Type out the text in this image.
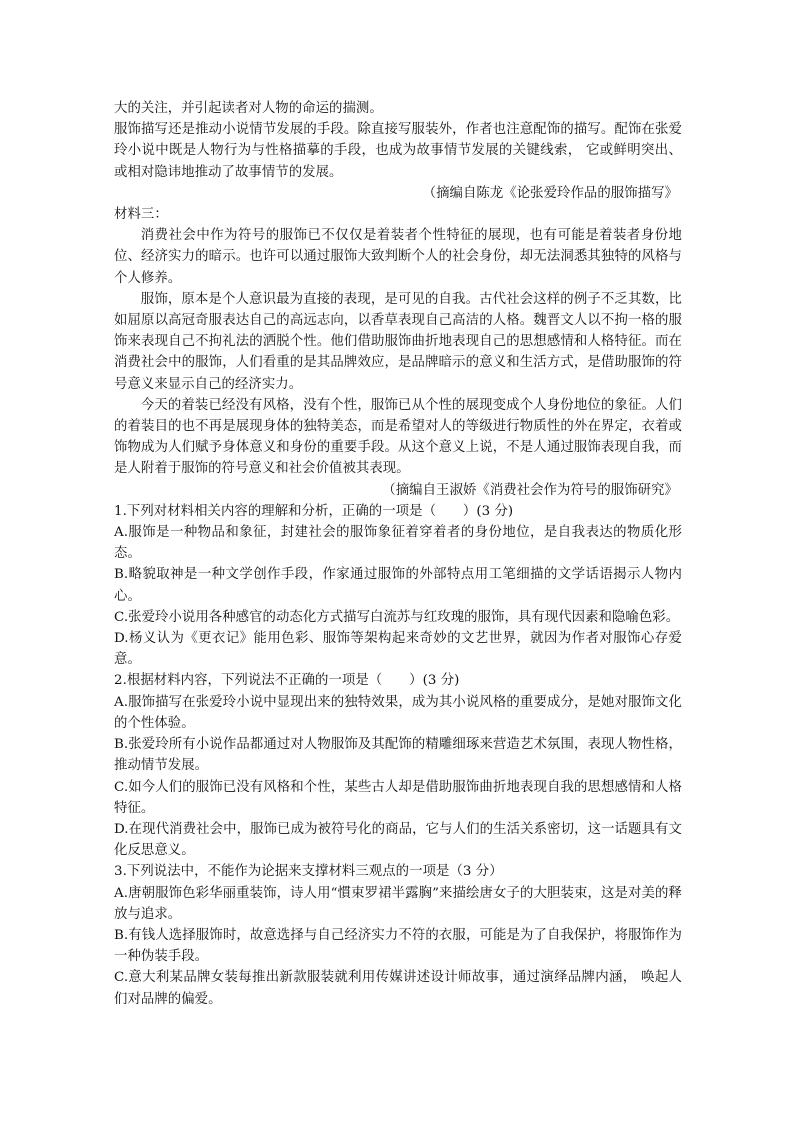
大的关注，并引起读者对人物的命运的揣测。

服饰描写还是推动小说情节发展的手段。除直接写服装外，作者也注意配饰的描写。配饰在张爱玲小说中既是人物行为与性格描摹的手段，也成为故事情节发展的关键线索， 它或鲜明突出、或相对隐讳地推动了故事情节的发展。

（摘编自陈龙《论张爱玲作品的服饰描写》

材料三：

消费社会中作为符号的服饰已不仅仅是着装者个性特征的展现，也有可能是着装者身份地位、经济实力的暗示。也许可以通过服饰大致判断个人的社会身份，却无法洞悉其独特的风格与个人修养。

服饰，原本是个人意识最为直接的表现，是可见的自我。古代社会这样的例子不乏其数，比如屈原以高冠奇服表达自己的高远志向，以香草表现自己高洁的人格。魏晋文人以不拘一格的服饰来表现自己不拘礼法的洒脱个性。他们借助服饰曲折地表现自己的思想感情和人格特征。而在消费社会中的服饰，人们看重的是其品牌效应，是品牌暗示的意义和生活方式，是借助服饰的符号意义来显示自己的经济实力。

今天的着装已经没有风格，没有个性，服饰已从个性的展现变成个人身份地位的象征。人们的着装目的也不再是展现身体的独特美态，而是希望对人的等级进行物质性的外在界定，衣着或饰物成为人们赋予身体意义和身份的重要手段。从这个意义上说，不是人通过服饰表现自我，而是人附着于服饰的符号意义和社会价值被其表现。

（摘编自王淑娇《消费社会作为符号的服饰研究》

1.下列对材料相关内容的理解和分析，正确的一项是（　　）(3 分)

A.服饰是一种物品和象征，封建社会的服饰象征着穿着者的身份地位，是自我表达的物质化形态。

B.略貌取神是一种文学创作手段，作家通过服饰的外部特点用工笔细描的文学话语揭示人物内心。

C.张爱玲小说用各种感官的动态化方式描写白流苏与红玫瑰的服饰，具有现代因素和隐喻色彩。

D.杨义认为《更衣记》能用色彩、服饰等架构起来奇妙的文艺世界，就因为作者对服饰心存爱意。

2.根据材料内容，下列说法不正确的一项是（　　）(3 分)

A.服饰描写在张爱玲小说中显现出来的独特效果，成为其小说风格的重要成分，是她对服饰文化的个性体验。

B.张爱玲所有小说作品都通过对人物服饰及其配饰的精雕细琢来营造艺术氛围，表现人物性格，推动情节发展。

C.如今人们的服饰已没有风格和个性，某些古人却是借助服饰曲折地表现自我的思想感情和人格特征。

D.在现代消费社会中，服饰已成为被符号化的商品，它与人们的生活关系密切，这一话题具有文化反思意义。

3.下列说法中，不能作为论据来支撑材料三观点的一项是（3 分）

A.唐朝服饰色彩华丽重装饰，诗人用“慣束罗裙半露胸”来描绘唐女子的大胆装束，这是对美的释放与追求。

B.有钱人选择服饰时，故意选择与自己经济实力不符的衣服，可能是为了自我保护，将服饰作为一种伪装手段。

C.意大利某品牌女装每推出新款服装就利用传媒讲述设计师故事，通过演绎品牌内涵， 唤起人们对品牌的偏爱。
